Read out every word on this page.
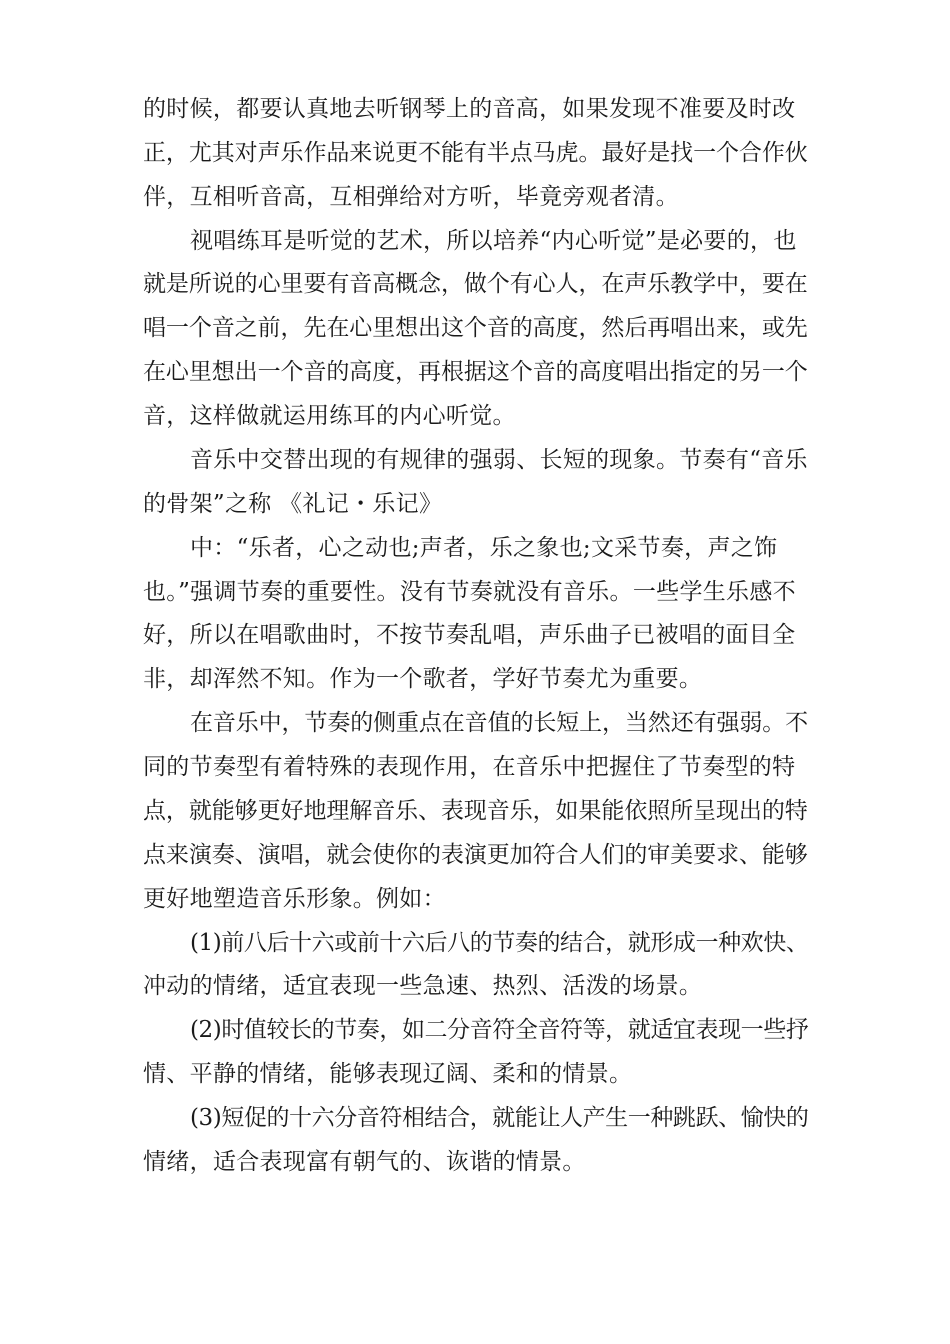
的时候，都要认真地去听钢琴上的音高，如果发现不准要及时改
正，尤其对声乐作品来说更不能有半点马虎。最好是找一个合作伙
伴，互相听音高，互相弹给对方听，毕竟旁观者清。
视唱练耳是听觉的艺术，所以培养“内心听觉”是必要的，也
就是所说的心里要有音高概念，做个有心人，在声乐教学中，要在
唱一个音之前，先在心里想出这个音的高度，然后再唱出来，或先
在心里想出一个音的高度，再根据这个音的高度唱出指定的另一个
音，这样做就运用练耳的内心听觉。
音乐中交替出现的有规律的强弱、长短的现象。节奏有“音乐
的骨架”之称 《礼记・乐记》
中：“乐者，心之动也;声者，乐之象也;文采节奏，声之饰
也。”强调节奏的重要性。没有节奏就没有音乐。一些学生乐感不
好，所以在唱歌曲时，不按节奏乱唱，声乐曲子已被唱的面目全
非，却浑然不知。作为一个歌者，学好节奏尤为重要。
在音乐中，节奏的侧重点在音值的长短上，当然还有强弱。不
同的节奏型有着特殊的表现作用，在音乐中把握住了节奏型的特
点，就能够更好地理解音乐、表现音乐，如果能依照所呈现出的特
点来演奏、演唱，就会使你的表演更加符合人们的审美要求、能够
更好地塑造音乐形象。例如：
(1)前八后十六或前十六后八的节奏的结合，就形成一种欢快、
冲动的情绪，适宜表现一些急速、热烈、活泼的场景。
(2)时值较长的节奏，如二分音符全音符等，就适宜表现一些抒
情、平静的情绪，能够表现辽阔、柔和的情景。
(3)短促的十六分音符相结合，就能让人产生一种跳跃、愉快的
情绪，适合表现富有朝气的、诙谐的情景。
